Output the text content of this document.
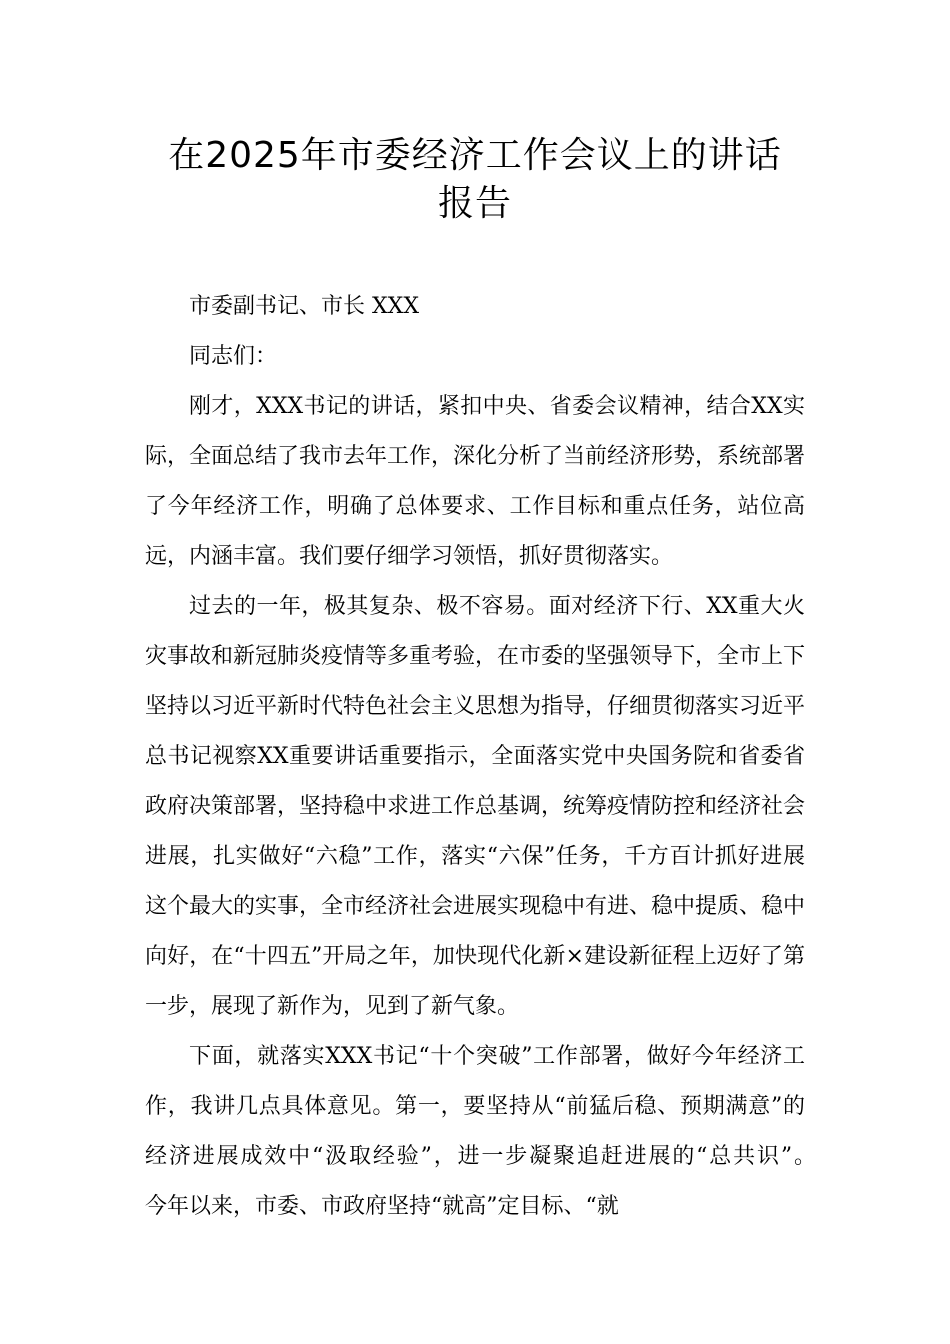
在2025年市委经济工作会议上的讲话
报告

市委副书记、市长 XXX

同志们：

刚才，XXX书记的讲话，紧扣中央、省委会议精神，结合XX实际，全面总结了我市去年工作，深化分析了当前经济形势，系统部署了今年经济工作，明确了总体要求、工作目标和重点任务，站位高远，内涵丰富。我们要仔细学习领悟，抓好贯彻落实。

过去的一年，极其复杂、极不容易。面对经济下行、XX重大火灾事故和新冠肺炎疫情等多重考验，在市委的坚强领导下，全市上下坚持以习近平新时代特色社会主义思想为指导，仔细贯彻落实习近平总书记视察XX重要讲话重要指示，全面落实党中央国务院和省委省政府决策部署，坚持稳中求进工作总基调，统筹疫情防控和经济社会进展，扎实做好“六稳”工作，落实“六保”任务，千方百计抓好进展这个最大的实事，全市经济社会进展实现稳中有进、稳中提质、稳中向好，在“十四五”开局之年，加快现代化新×建设新征程上迈好了第一步，展现了新作为，见到了新气象。

下面，就落实XXX书记“十个突破”工作部署，做好今年经济工作，我讲几点具体意见。第一，要坚持从“前猛后稳、预期满意”的经济进展成效中“汲取经验”，进一步凝聚追赶进展的“总共识”。　　今年以来，市委、市政府坚持“就高”定目标、“就
